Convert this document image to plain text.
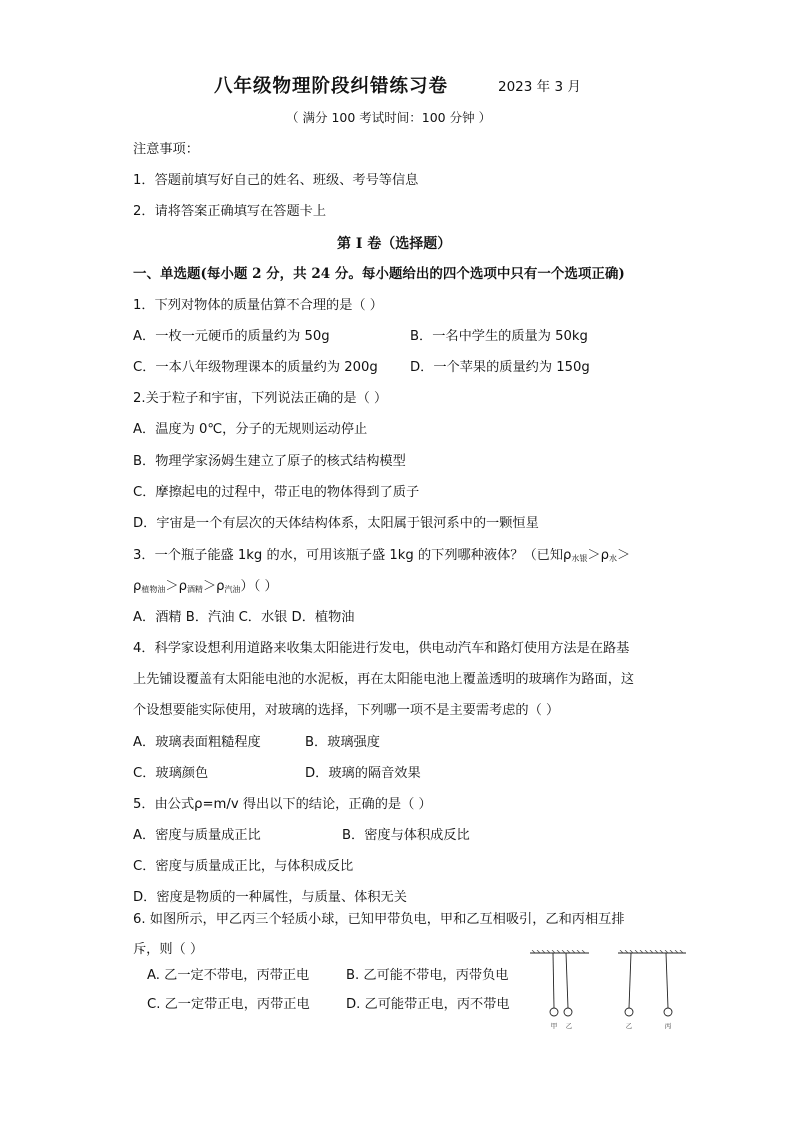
八年级物理阶段纠错练习卷	2023 年 3 月
（ 满分 100 考试时间：100 分钟 ）
注意事项：
1．答题前填写好自己的姓名、班级、考号等信息
2．请将答案正确填写在答题卡上
第 I 卷（选择题）
一、单选题(每小题 2 分，共 24 分。每小题给出的四个选项中只有一个选项正确)
1．下列对物体的质量估算不合理的是（ ）
A．一枚一元硬币的质量约为 50g	B．一名中学生的质量为 50kg
C．一本八年级物理课本的质量约为 200g D．一个苹果的质量约为 150g
2.关于粒子和宇宙，下列说法正确的是（ ）
A．温度为 0℃，分子的无规则运动停止
B．物理学家汤姆生建立了原子的核式结构模型
C．摩擦起电的过程中，带正电的物体得到了质子
D．宇宙是一个有层次的天体结构体系，太阳属于银河系中的一颗恒星
3．一个瓶子能盛 1kg 的水，可用该瓶子盛 1kg 的下列哪种液体？（已知$\rho_{水银}>\rho_水>$
$\rho_{植物油}>\rho_{酒精}>\rho_{汽油}$）（ ）
A．酒精 B．汽油 C．水银 D．植物油
4．科学家设想利用道路来收集太阳能进行发电，供电动汽车和路灯使用方法是在路基
上先铺设覆盖有太阳能电池的水泥板，再在太阳能电池上覆盖透明的玻璃作为路面，这
个设想要能实际使用，对玻璃的选择，下列哪一项不是主要需考虑的（ ）
A．玻璃表面粗糙程度	B．玻璃强度
C．玻璃颜色	D．玻璃的隔音效果
5．由公式ρ=m/v 得出以下的结论，正确的是（ ）
A．密度与质量成正比	B．密度与体积成反比
C．密度与质量成正比，与体积成反比
D．密度是物质的一种属性，与质量、体积无关
6. 如图所示，甲乙丙三个轻质小球，已知甲带负电，甲和乙互相吸引，乙和丙相互排
斥，则（ ）
A. 乙一定不带电，丙带正电	B. 乙可能不带电，丙带负电
C. 乙一定带正电，丙带正电	D. 乙可能带正电，丙不带电
甲 乙	乙	丙
